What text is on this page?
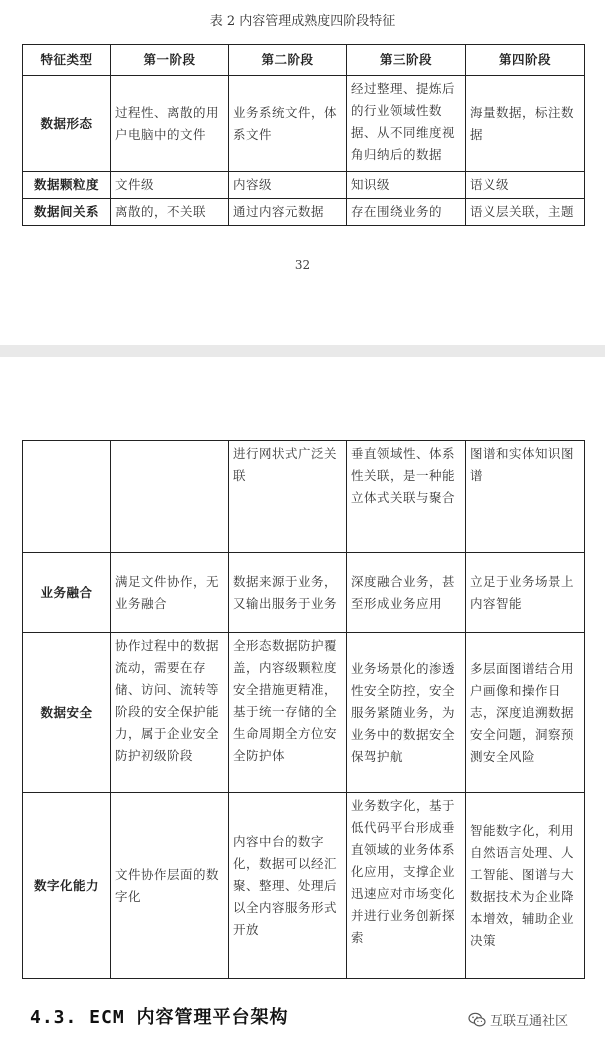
表 2 内容管理成熟度四阶段特征
特征类型	第一阶段	第二阶段	第三阶段	第四阶段
数据形态	过程性、离散的用户电脑中的文件	业务系统文件，体系文件	经过整理、提炼后的行业领域性数据、从不同维度视角归纳后的数据	海量数据，标注数据
数据颗粒度	文件级	内容级	知识级	语义级
数据间关系	离散的，不关联	通过内容元数据	存在围绕业务的	语义层关联，主题
32
		进行网状式广泛关联	垂直领域性、体系性关联，是一种能立体式关联与聚合	图谱和实体知识图谱
业务融合	满足文件协作，无业务融合	数据来源于业务，又输出服务于业务	深度融合业务，甚至形成业务应用	立足于业务场景上内容智能
数据安全	协作过程中的数据流动，需要在存储、访问、流转等阶段的安全保护能力，属于企业安全防护初级阶段	全形态数据防护覆盖，内容级颗粒度安全措施更精准，基于统一存储的全生命周期全方位安全防护体	业务场景化的渗透性安全防控，安全服务紧随业务，为业务中的数据安全保驾护航	多层面图谱结合用户画像和操作日志，深度追溯数据安全问题，洞察预测安全风险
数字化能力	文件协作层面的数字化	内容中台的数字化，数据可以经汇聚、整理、处理后以全内容服务形式开放	业务数字化，基于低代码平台形成垂直领域的业务体系化应用，支撑企业迅速应对市场变化并进行业务创新探索	智能数字化，利用自然语言处理、人工智能、图谱与大数据技术为企业降本增效，辅助企业决策
4.3. ECM 内容管理平台架构	互联互通社区
